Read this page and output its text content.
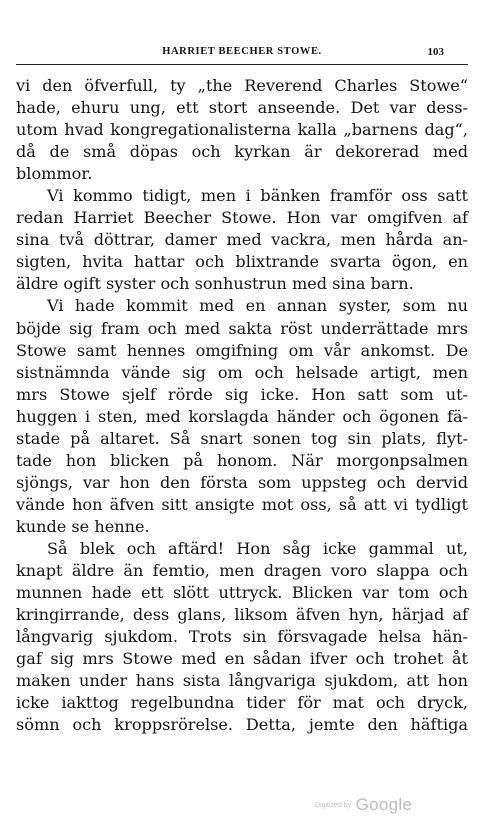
HARRIET BEECHER STOWE.	103
vi den öfverfull, ty „the Reverend Charles Stowe“
hade, ehuru ung, ett stort anseende. Det var dess-
utom hvad kongregationalisterna kalla „barnens dag“,
då de små döpas och kyrkan är dekorerad med
blommor.
Vi kommo tidigt, men i bänken framför oss satt
redan Harriet Beecher Stowe. Hon var omgifven af
sina två döttrar, damer med vackra, men hårda an-
sigten, hvita hattar och blixtrande svarta ögon, en
äldre ogift syster och sonhustrun med sina barn.
Vi hade kommit med en annan syster, som nu
böjde sig fram och med sakta röst underrättade mrs
Stowe samt hennes omgifning om vår ankomst. De
sistnämnda vände sig om och helsade artigt, men
mrs Stowe sjelf rörde sig icke. Hon satt som ut-
huggen i sten, med korslagda händer och ögonen fä-
stade på altaret. Så snart sonen tog sin plats, flyt-
tade hon blicken på honom. När morgonpsalmen
sjöngs, var hon den första som uppsteg och dervid
vände hon äfven sitt ansigte mot oss, så att vi tydligt
kunde se henne.
Så blek och aftärd! Hon såg icke gammal ut,
knapt äldre än femtio, men dragen voro slappa och
munnen hade ett slött uttryck. Blicken var tom och
kringirrande, dess glans, liksom äfven hyn, härjad af
långvarig sjukdom. Trots sin försvagade helsa hän-
gaf sig mrs Stowe med en sådan ifver och trohet åt
maken under hans sista långvariga sjukdom, att hon
icke iakttog regelbundna tider för mat och dryck,
sömn och kroppsrörelse. Detta, jemte den häftiga
Digitized by Google
